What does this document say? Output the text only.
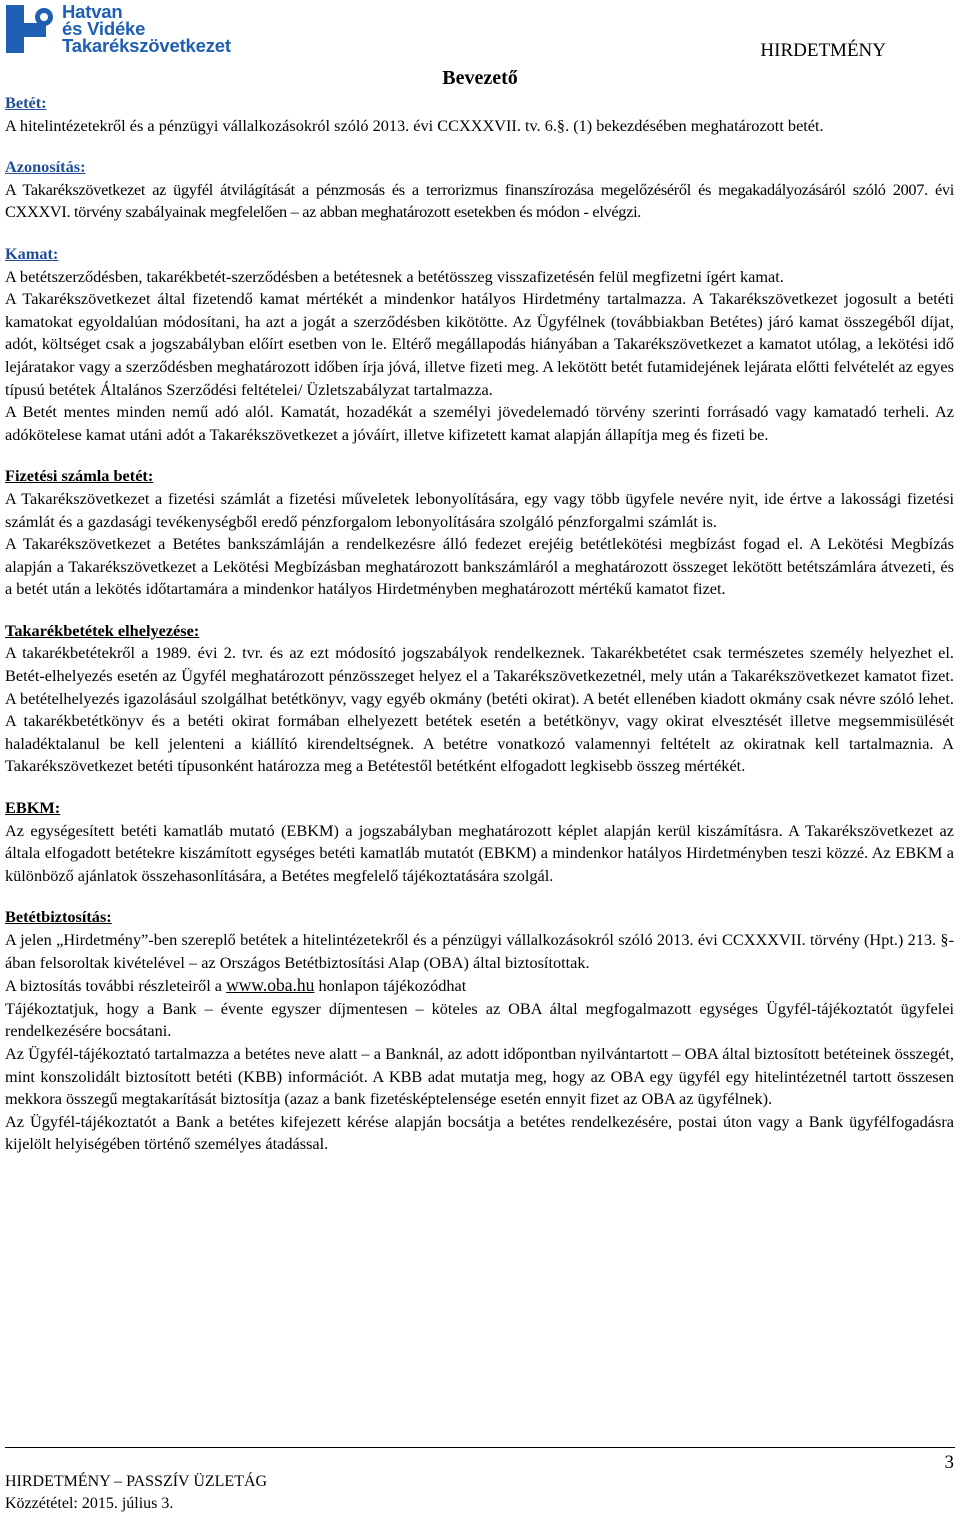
Hatvan
és Vidéke
Takarékszövetkezet	HIRDETMÉNY
Bevezető

Betét:

A hitelintézetekről és a pénzügyi vállalkozásokról szóló 2013. évi CCXXXVII. tv. 6.§. (1) bekezdésében meghatározott betét.

Azonosítás:

A Takarékszövetkezet az ügyfél átvilágítását a pénzmosás és a terrorizmus finanszírozása megelőzéséről és megakadályozásáról szóló 2007. évi CXXXVI. törvény szabályainak megfelelően – az abban meghatározott esetekben és módon - elvégzi.

Kamat:

A betétszerződésben, takarékbetét-szerződésben a betétesnek a betétösszeg visszafizetésén felül megfizetni ígért kamat.

A Takarékszövetkezet által fizetendő kamat mértékét a mindenkor hatályos Hirdetmény tartalmazza. A Takarékszövetkezet jogosult a betéti kamatokat egyoldalúan módosítani, ha azt a jogát a szerződésben kikötötte. Az Ügyfélnek (továbbiakban Betétes) járó kamat összegéből díjat, adót, költséget csak a jogszabályban előírt esetben von le. Eltérő megállapodás hiányában a Takarékszövetkezet a kamatot utólag, a lekötési idő lejáratakor vagy a szerződésben meghatározott időben írja jóvá, illetve fizeti meg. A lekötött betét futamidejének lejárata előtti felvételét az egyes típusú betétek Általános Szerződési feltételei/ Üzletszabályzat tartalmazza.

A Betét mentes minden nemű adó alól. Kamatát, hozadékát a személyi jövedelemadó törvény szerinti forrásadó vagy kamatadó terheli. Az adókötelese kamat utáni adót a Takarékszövetkezet a jóváírt, illetve kifizetett kamat alapján állapítja meg és fizeti be.

Fizetési számla betét:

A Takarékszövetkezet a fizetési számlát a fizetési műveletek lebonyolítására, egy vagy több ügyfele nevére nyit, ide értve a lakossági fizetési számlát és a gazdasági tevékenységből eredő pénzforgalom lebonyolítására szolgáló pénzforgalmi számlát is.

A Takarékszövetkezet a Betétes bankszámláján a rendelkezésre álló fedezet erejéig betétlekötési megbízást fogad el. A Lekötési Megbízás alapján a Takarékszövetkezet a Lekötési Megbízásban meghatározott bankszámláról a meghatározott összeget lekötött betétszámlára átvezeti, és a betét után a lekötés időtartamára a mindenkor hatályos Hirdetményben meghatározott mértékű kamatot fizet.

Takarékbetétek elhelyezése:

A takarékbetétekről a 1989. évi 2. tvr. és az ezt módosító jogszabályok rendelkeznek. Takarékbetétet csak természetes személy helyezhet el. Betét-elhelyezés esetén az Ügyfél meghatározott pénzösszeget helyez el a Takarékszövetkezetnél, mely után a Takarékszövetkezet kamatot fizet. A betételhelyezés igazolásául szolgálhat betétkönyv, vagy egyéb okmány (betéti okirat). A betét ellenében kiadott okmány csak névre szóló lehet. A takarékbetétkönyv és a betéti okirat formában elhelyezett betétek esetén a betétkönyv, vagy okirat elvesztését illetve megsemmisülését haladéktalanul be kell jelenteni a kiállító kirendeltségnek. A betétre vonatkozó valamennyi feltételt az okiratnak kell tartalmaznia. A Takarékszövetkezet betéti típusonként határozza meg a Betétestől betétként elfogadott legkisebb összeg mértékét.

EBKM:

Az egységesített betéti kamatláb mutató (EBKM) a jogszabályban meghatározott képlet alapján kerül kiszámításra. A Takarékszövetkezet az általa elfogadott betétekre kiszámított egységes betéti kamatláb mutatót (EBKM) a mindenkor hatályos Hirdetményben teszi közzé. Az EBKM a különböző ajánlatok összehasonlítására, a Betétes megfelelő tájékoztatására szolgál.

Betétbiztosítás:

A jelen „Hirdetmény”-ben szereplő betétek a hitelintézetekről és a pénzügyi vállalkozásokról szóló 2013. évi CCXXXVII. törvény (Hpt.) 213. §-ában felsoroltak kivételével – az Országos Betétbiztosítási Alap (OBA) által biztosítottak.

A biztosítás további részleteiről a www.oba.hu honlapon tájékozódhat

Tájékoztatjuk, hogy a Bank – évente egyszer díjmentesen – köteles az OBA által megfogalmazott egységes Ügyfél-tájékoztatót ügyfelei rendelkezésére bocsátani.

Az Ügyfél-tájékoztató tartalmazza a betétes neve alatt – a Banknál, az adott időpontban nyilvántartott – OBA által biztosított betéteinek összegét, mint konszolidált biztosított betéti (KBB) információt. A KBB adat mutatja meg, hogy az OBA egy ügyfél egy hitelintézetnél tartott összesen mekkora összegű megtakarítását biztosítja (azaz a bank fizetésképtelensége esetén ennyit fizet az OBA az ügyfélnek).

Az Ügyfél-tájékoztatót a Bank a betétes kifejezett kérése alapján bocsátja a betétes rendelkezésére, postai úton vagy a Bank ügyfélfogadásra kijelölt helyiségében történő személyes átadással.

3
HIRDETMÉNY – PASSZÍV ÜZLETÁG
Közzététel: 2015. július 3.
